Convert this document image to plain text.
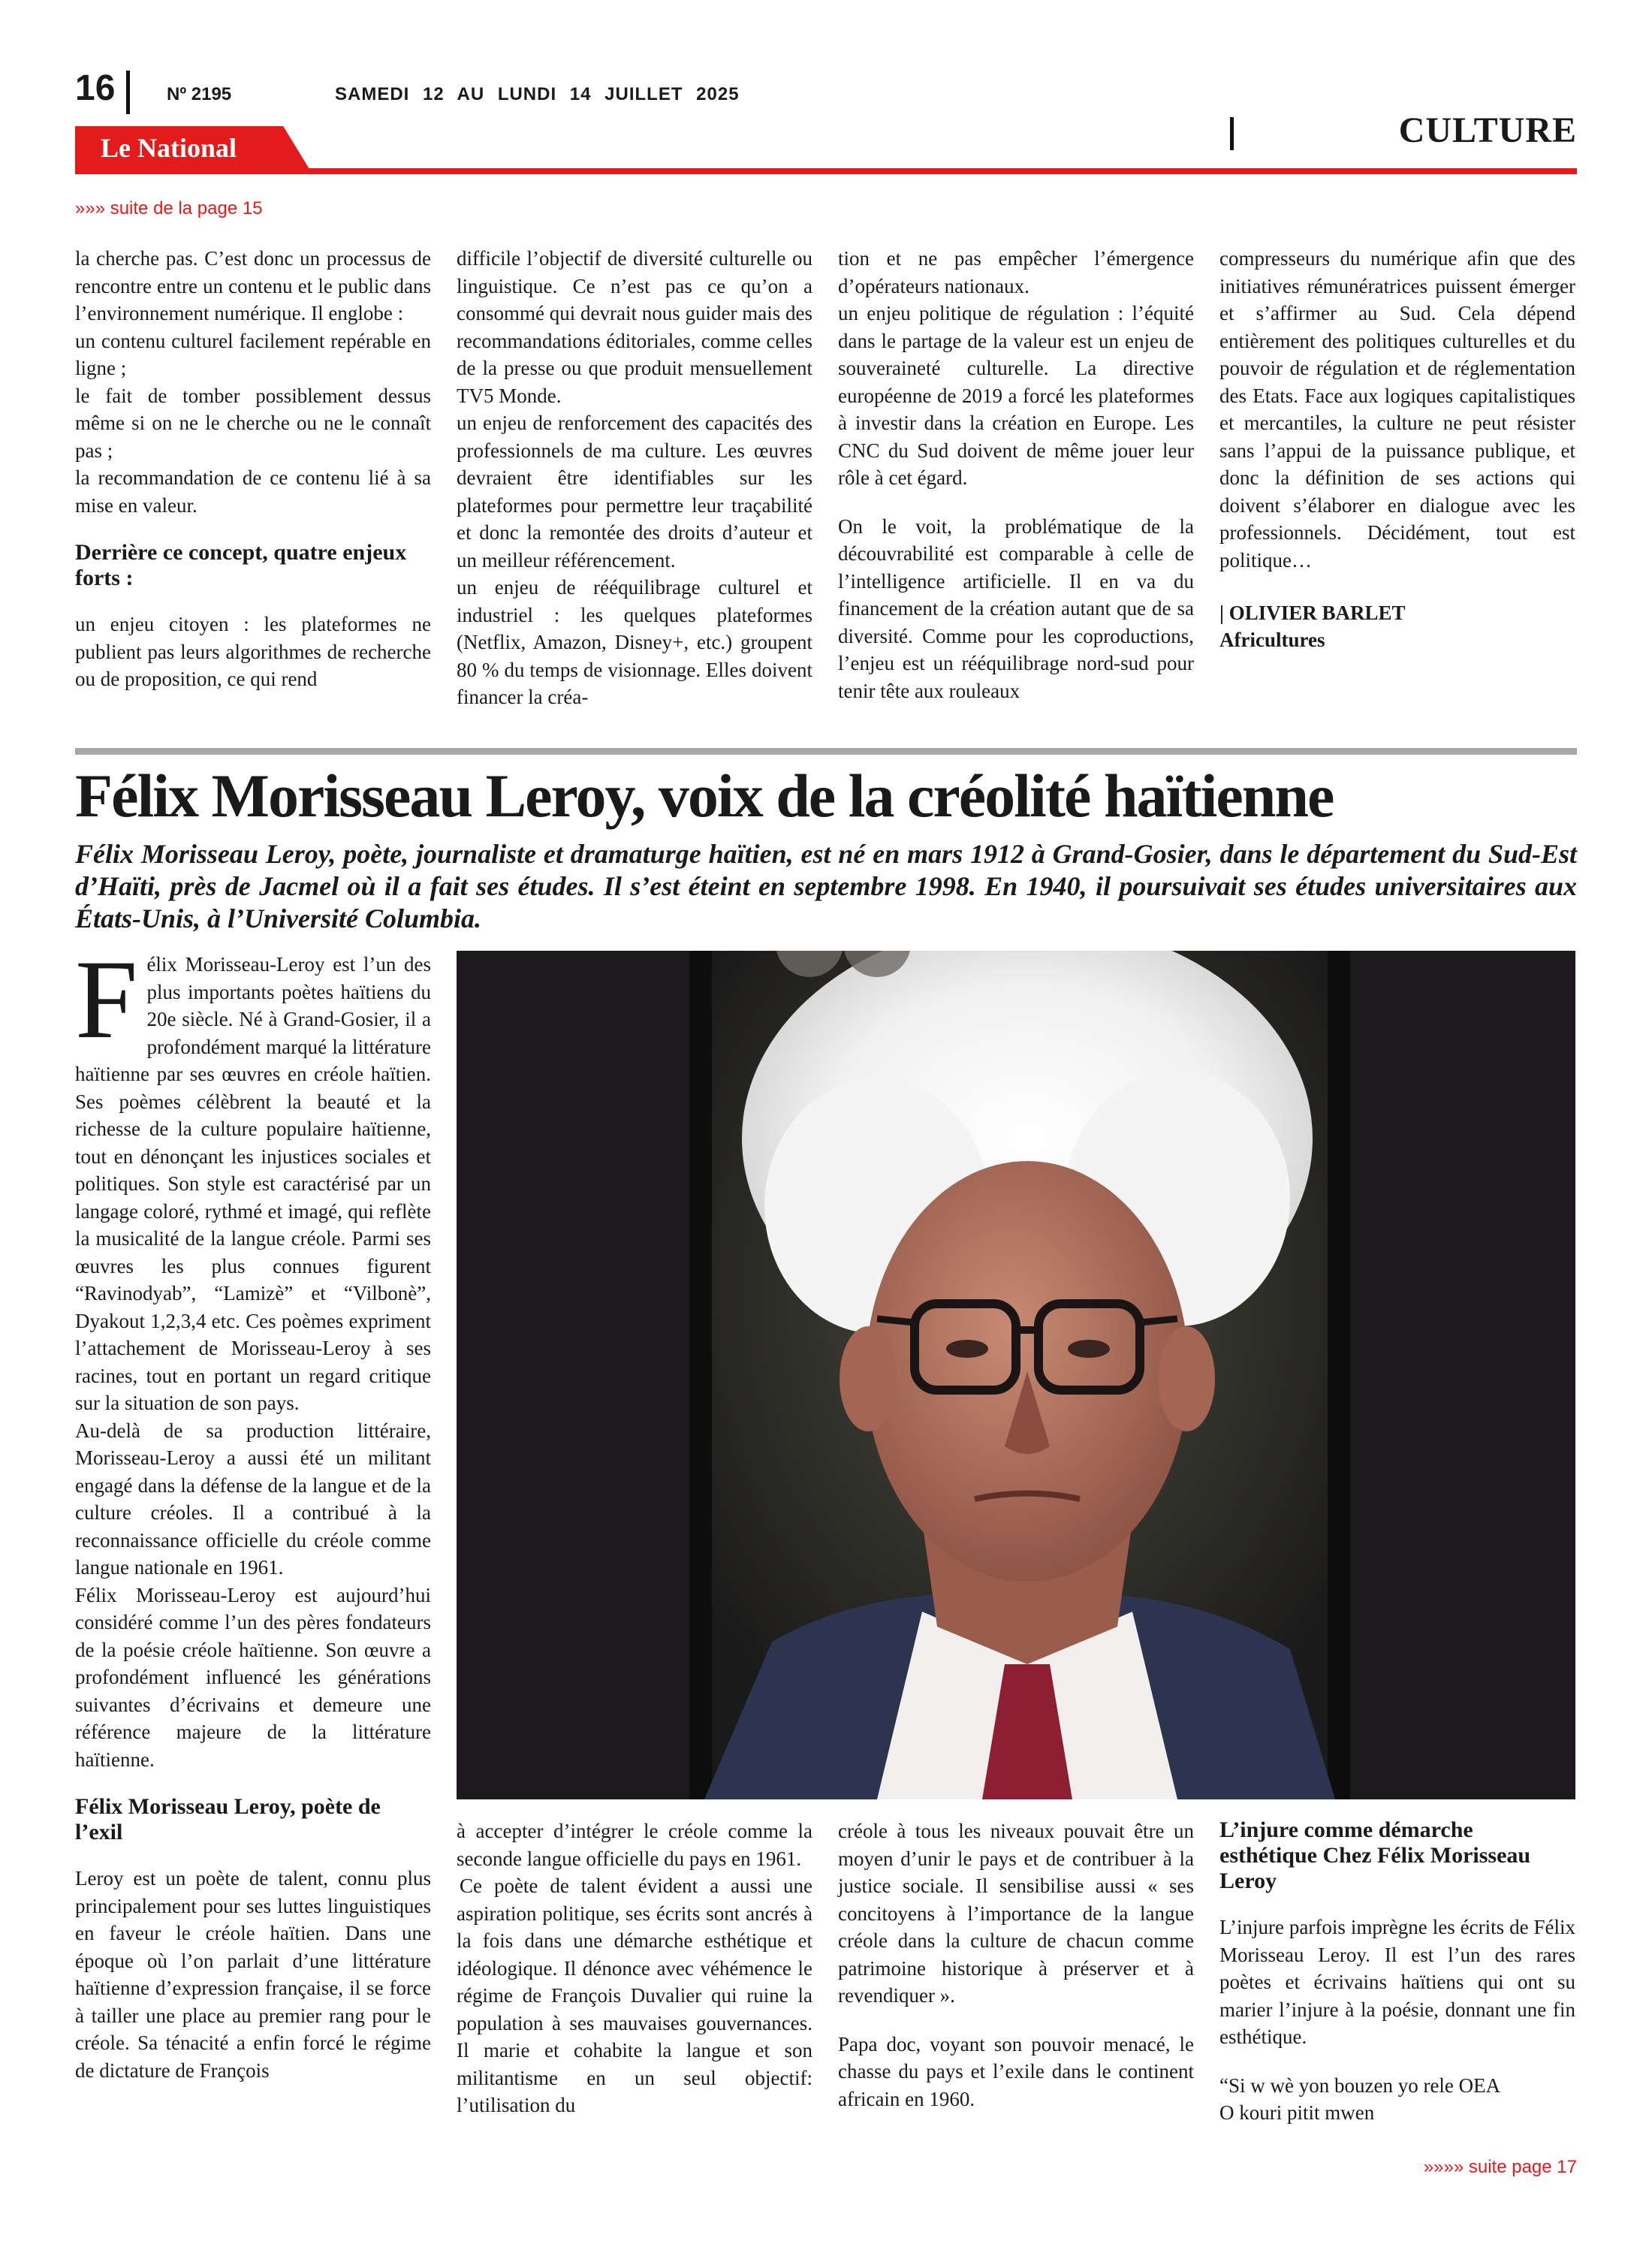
16	Nº 2195	SAMEDI 12 AU LUNDI 14 JUILLET 2025
Le National	CULTURE
»»» suite de la page 15

la cherche pas. C’est donc un processus de rencontre entre un contenu et le public dans l’environnement numérique. Il englobe :

un contenu culturel facilement repérable en ligne ;

le fait de tomber possiblement dessus même si on ne le cherche ou ne le connaît pas ;

la recommandation de ce contenu lié à sa mise en valeur.

Derrière ce concept, quatre enjeux forts :

un enjeu citoyen : les plateformes ne publient pas leurs algorithmes de recherche ou de proposition, ce qui rend

difficile l’objectif de diversité culturelle ou linguistique. Ce n’est pas ce qu’on a consommé qui devrait nous guider mais des recommandations éditoriales, comme celles de la presse ou que produit mensuellement TV5 Monde.

un enjeu de renforcement des capacités des professionnels de ma culture. Les œuvres devraient être identifiables sur les plateformes pour permettre leur traçabilité et donc la remontée des droits d’auteur et un meilleur référencement.

un enjeu de rééquilibrage culturel et industriel : les quelques plateformes (Netflix, Amazon, Disney+, etc.) groupent 80 % du temps de visionnage. Elles doivent financer la créa-

tion et ne pas empêcher l’émergence d’opérateurs nationaux.

un enjeu politique de régulation : l’équité dans le partage de la valeur est un enjeu de souveraineté culturelle. La directive européenne de 2019 a forcé les plateformes à investir dans la création en Europe. Les CNC du Sud doivent de même jouer leur rôle à cet égard.

On le voit, la problématique de la découvrabilité est comparable à celle de l’intelligence artificielle. Il en va du financement de la création autant que de sa diversité. Comme pour les coproductions, l’enjeu est un rééquilibrage nord-sud pour tenir tête aux rouleaux

compresseurs du numérique afin que des initiatives rémunératrices puissent émerger et s’affirmer au Sud. Cela dépend entièrement des politiques culturelles et du pouvoir de régulation et de réglementation des Etats. Face aux logiques capitalistiques et mercantiles, la culture ne peut résister sans l’appui de la puissance publique, et donc la définition de ses actions qui doivent s’élaborer en dialogue avec les professionnels. Décidément, tout est politique…

| OLIVIER BARLET
Africultures
Félix Morisseau Leroy, voix de la créolité haïtienne
Félix Morisseau Leroy, poète, journaliste et dramaturge haïtien, est né en mars 1912 à Grand-Gosier, dans le département du Sud-Est d’Haïti, près de Jacmel où il a fait ses études. Il s’est éteint en septembre 1998. En 1940, il poursuivait ses études universitaires aux États-Unis, à l’Université Columbia.

F élix Morisseau-Leroy est l’un des plus importants poètes haïtiens du 20e siècle. Né à Grand-Gosier, il a profondément marqué la littérature haïtienne par ses œuvres en créole haïtien. Ses poèmes célèbrent la beauté et la richesse de la culture populaire haïtienne, tout en dénonçant les injustices sociales et politiques. Son style est caractérisé par un langage coloré, rythmé et imagé, qui reflète la musicalité de la langue créole. Parmi ses œuvres les plus connues figurent “Ravinodyab”, “Lamizè” et “Vilbonè”, Dyakout 1,2,3,4 etc. Ces poèmes expriment l’attachement de Morisseau-Leroy à ses racines, tout en portant un regard critique sur la situation de son pays.

Au-delà de sa production littéraire, Morisseau-Leroy a aussi été un militant engagé dans la défense de la langue et de la culture créoles. Il a contribué à la reconnaissance officielle du créole comme langue nationale en 1961.

Félix Morisseau-Leroy est aujourd’hui considéré comme l’un des pères fondateurs de la poésie créole haïtienne. Son œuvre a profondément influencé les générations suivantes d’écrivains et demeure une référence majeure de la littérature haïtienne.

Félix Morisseau Leroy, poète de l’exil

Leroy est un poète de talent, connu plus principalement pour ses luttes linguistiques en faveur le créole haïtien. Dans une époque où l’on parlait d’une littérature haïtienne d’expression française, il se force à tailler une place au premier rang pour le créole. Sa ténacité a enfin forcé le régime de dictature de François

à accepter d’intégrer le créole comme la seconde langue officielle du pays en 1961.

Ce poète de talent évident a aussi une aspiration politique, ses écrits sont ancrés à la fois dans une démarche esthétique et idéologique. Il dénonce avec véhémence le régime de François Duvalier qui ruine la population à ses mauvaises gouvernances. Il marie et cohabite la langue et son militantisme en un seul objectif: l’utilisation du

créole à tous les niveaux pouvait être un moyen d’unir le pays et de contribuer à la justice sociale. Il sensibilise aussi « ses concitoyens à l’importance de la langue créole dans la culture de chacun comme patrimoine historique à préserver et à revendiquer ».

Papa doc, voyant son pouvoir menacé, le chasse du pays et l’exile dans le continent africain en 1960.

L’injure comme démarche esthétique Chez Félix Morisseau Leroy

L’injure parfois imprègne les écrits de Félix Morisseau Leroy. Il est l’un des rares poètes et écrivains haïtiens qui ont su marier l’injure à la poésie, donnant une fin esthétique.

“Si w wè yon bouzen yo rele OEA

O kouri pitit mwen

»»»» suite page 17
